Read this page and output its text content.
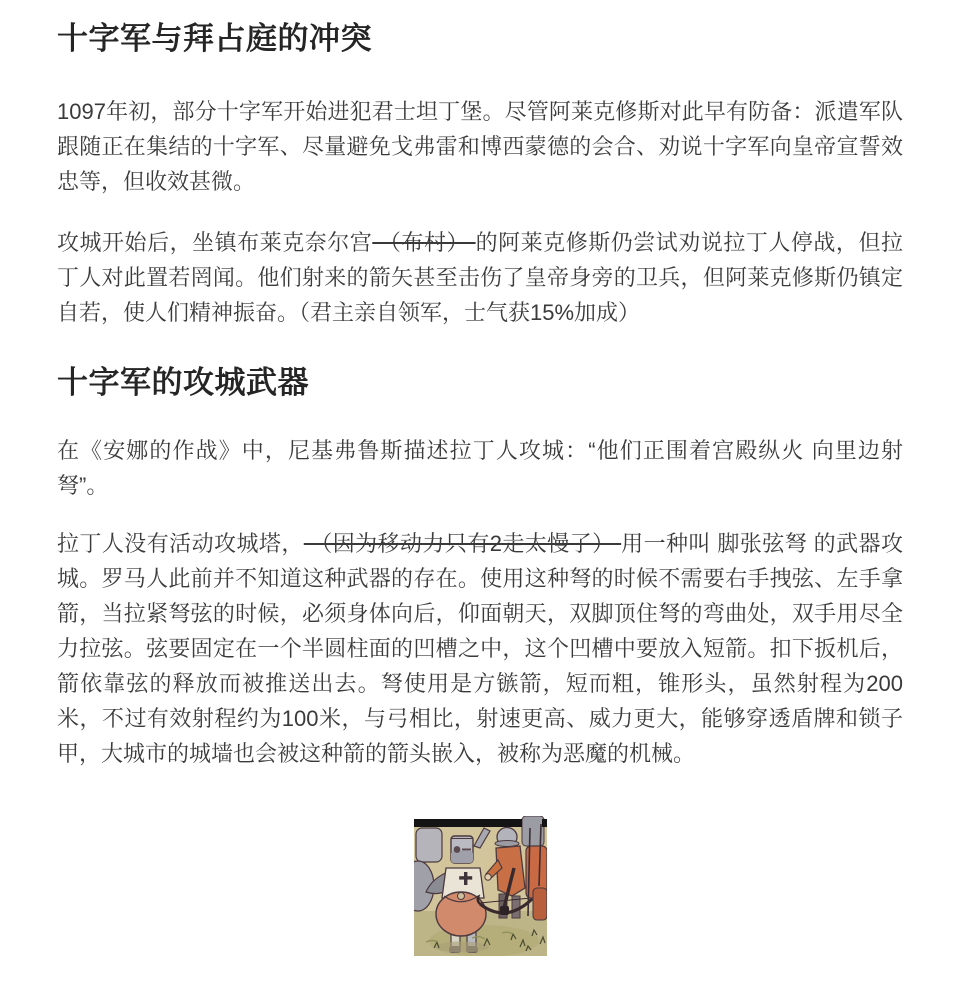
十字军与拜占庭的冲突

1097年初，部分十字军开始进犯君士坦丁堡。尽管阿莱克修斯对此早有防备：派遣军队跟随正在集结的十字军、尽量避免戈弗雷和博西蒙德的会合、劝说十字军向皇帝宣誓效忠等，但收效甚微。

攻城开始后，坐镇布莱克奈尔宫 （布村） 的阿莱克修斯仍尝试劝说拉丁人停战，但拉丁人对此置若罔闻。他们射来的箭矢甚至击伤了皇帝身旁的卫兵，但阿莱克修斯仍镇定自若，使人们精神振奋。（君主亲自领军，士气获15%加成）

十字军的攻城武器

在《安娜的作战》中，尼基弗鲁斯描述拉丁人攻城：“他们正围着宫殿纵火 向里边射弩”。

拉丁人没有活动攻城塔， （因为移动力只有2走太慢了） 用一种叫 脚张弦弩 的武器攻城。罗马人此前并不知道这种武器的存在。使用这种弩的时候不需要右手拽弦、左手拿箭，当拉紧弩弦的时候，必须身体向后，仰面朝天，双脚顶住弩的弯曲处，双手用尽全力拉弦。弦要固定在一个半圆柱面的凹槽之中，这个凹槽中要放入短箭。扣下扳机后，箭依靠弦的释放而被推送出去。弩使用是方镞箭，短而粗，锥形头，虽然射程为200米，不过有效射程约为100米，与弓相比，射速更高、威力更大，能够穿透盾牌和锁子甲，大城市的城墙也会被这种箭的箭头嵌入，被称为恶魔的机械。
